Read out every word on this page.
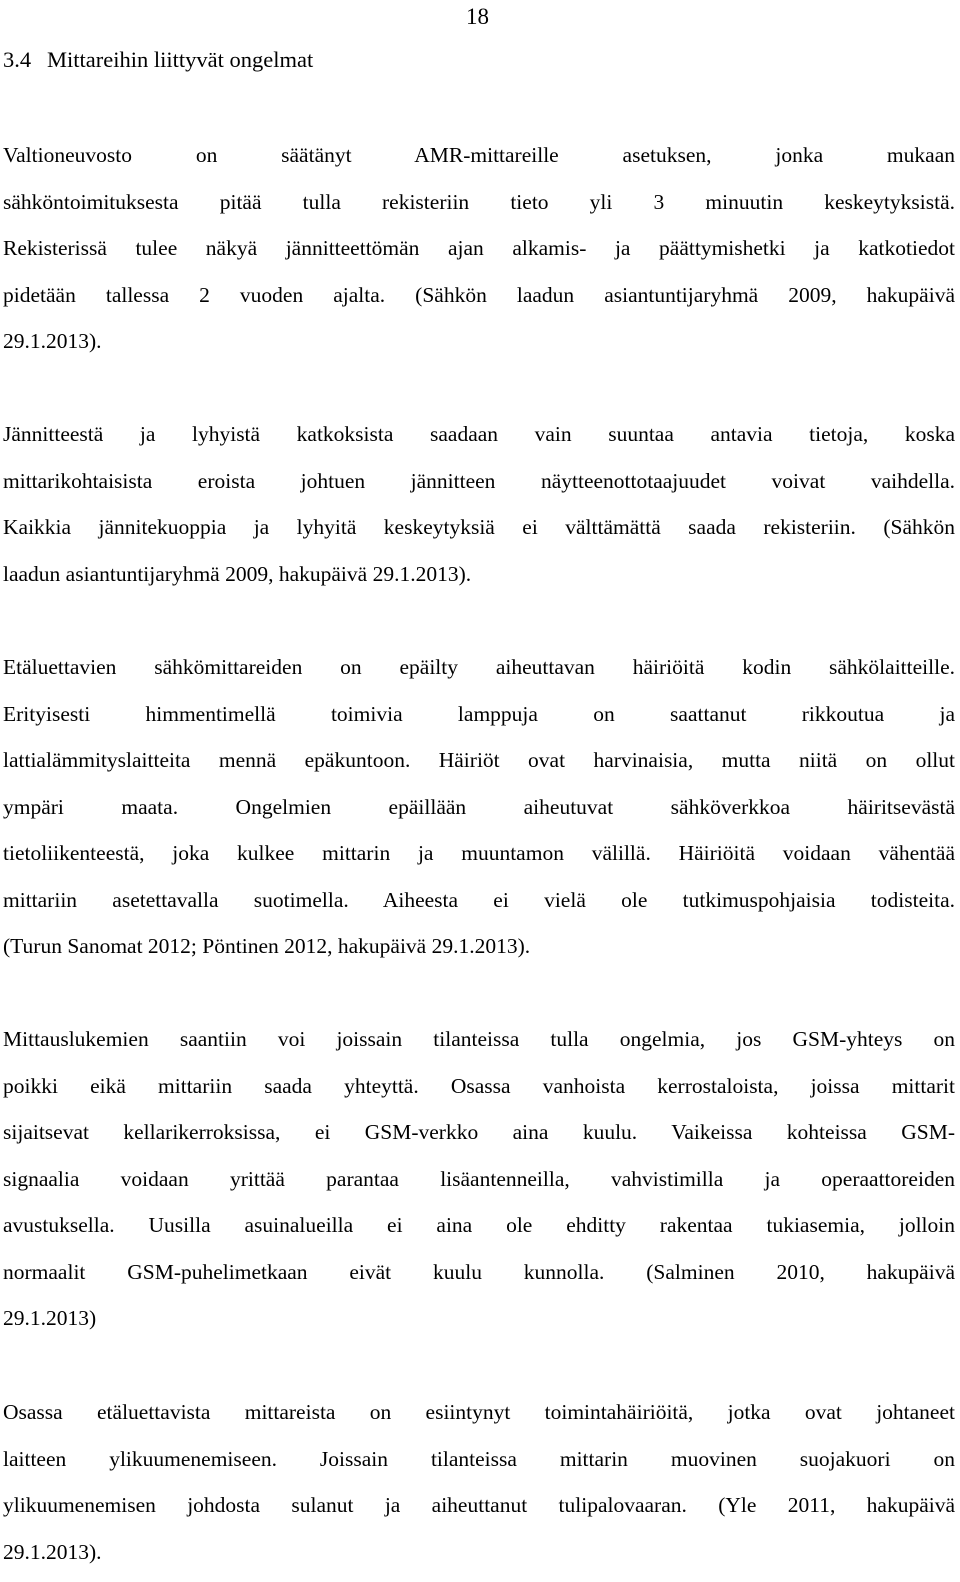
18
3.4 Mittareihin liittyvät ongelmat
Valtioneuvosto on säätänyt AMR-mittareille asetuksen, jonka mukaan
sähköntoimituksesta pitää tulla rekisteriin tieto yli 3 minuutin keskeytyksistä.
Rekisterissä tulee näkyä jännitteettömän ajan alkamis- ja päättymishetki ja katkotiedot
pidetään tallessa 2 vuoden ajalta. (Sähkön laadun asiantuntijaryhmä 2009, hakupäivä
29.1.2013).
Jännitteestä ja lyhyistä katkoksista saadaan vain suuntaa antavia tietoja, koska
mittarikohtaisista eroista johtuen jännitteen näytteenottotaajuudet voivat vaihdella.
Kaikkia jännitekuoppia ja lyhyitä keskeytyksiä ei välttämättä saada rekisteriin. (Sähkön
laadun asiantuntijaryhmä 2009, hakupäivä 29.1.2013).
Etäluettavien sähkömittareiden on epäilty aiheuttavan häiriöitä kodin sähkölaitteille.
Erityisesti himmentimellä toimivia lamppuja on saattanut rikkoutua ja
lattialämmityslaitteita mennä epäkuntoon. Häiriöt ovat harvinaisia, mutta niitä on ollut
ympäri maata. Ongelmien epäillään aiheutuvat sähköverkkoa häiritsevästä
tietoliikenteestä, joka kulkee mittarin ja muuntamon välillä. Häiriöitä voidaan vähentää
mittariin asetettavalla suotimella. Aiheesta ei vielä ole tutkimuspohjaisia todisteita.
(Turun Sanomat 2012; Pöntinen 2012, hakupäivä 29.1.2013).
Mittauslukemien saantiin voi joissain tilanteissa tulla ongelmia, jos GSM-yhteys on
poikki eikä mittariin saada yhteyttä. Osassa vanhoista kerrostaloista, joissa mittarit
sijaitsevat kellarikerroksissa, ei GSM-verkko aina kuulu. Vaikeissa kohteissa GSM-
signaalia voidaan yrittää parantaa lisäantenneilla, vahvistimilla ja operaattoreiden
avustuksella. Uusilla asuinalueilla ei aina ole ehditty rakentaa tukiasemia, jolloin
normaalit GSM-puhelimetkaan eivät kuulu kunnolla. (Salminen 2010, hakupäivä
29.1.2013)
Osassa etäluettavista mittareista on esiintynyt toimintahäiriöitä, jotka ovat johtaneet
laitteen ylikuumenemiseen. Joissain tilanteissa mittarin muovinen suojakuori on
ylikuumenemisen johdosta sulanut ja aiheuttanut tulipalovaaran. (Yle 2011, hakupäivä
29.1.2013).
